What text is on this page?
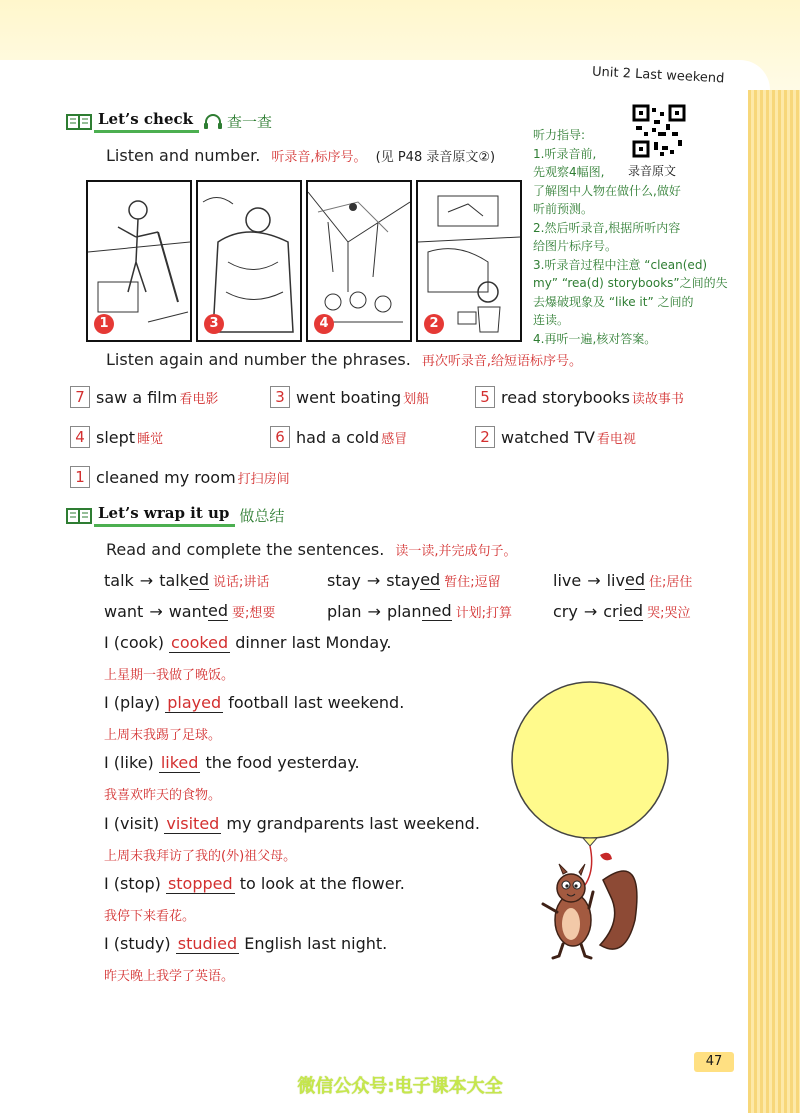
Unit 2 Last weekend
Let’s check	查一查
Listen and number. 听录音,标序号。 (见 P48 录音原文②)
录音原文
听力指导:
1.听录音前,
先观察4幅图,
了解图中人物在做什么,做好
听前预测。
2.然后听录音,根据所听内容
给图片标序号。
3.听录音过程中注意 “clean(ed)
my” “rea(d) storybooks”之间的失
去爆破现象及 “like it” 之间的
连读。
4.再听一遍,核对答案。
1	3	4	2
Listen again and number the phrases. 再次听录音,给短语标序号。
7 saw a film 看电影	3 went boating 划船	5 read storybooks 读故事书
4 slept 睡觉	6 had a cold 感冒	2 watched TV 看电视
1 cleaned my room 打扫房间
Let’s wrap it up 做总结
Read and complete the sentences. 读一读,并完成句子。
talk → talk ed 说话;讲话	stay → stay ed 暂住;逗留	live → liv ed 住;居住
want → want ed 要;想要	plan → plan ned 计划;打算	cry → cr ied 哭;哭泣
I (cook) cooked dinner last Monday.
上星期一我做了晚饭。
I (play) played football last weekend.
上周末我踢了足球。
I (like) liked the food yesterday.
我喜欢昨天的食物。
I (visit) visited my grandparents last weekend.
上周末我拜访了我的(外)祖父母。
I (stop) stopped to look at the flower.
我停下来看花。
I (study) studied English last night.
昨天晚上我学了英语。
47
微信公众号:电子课本大全
